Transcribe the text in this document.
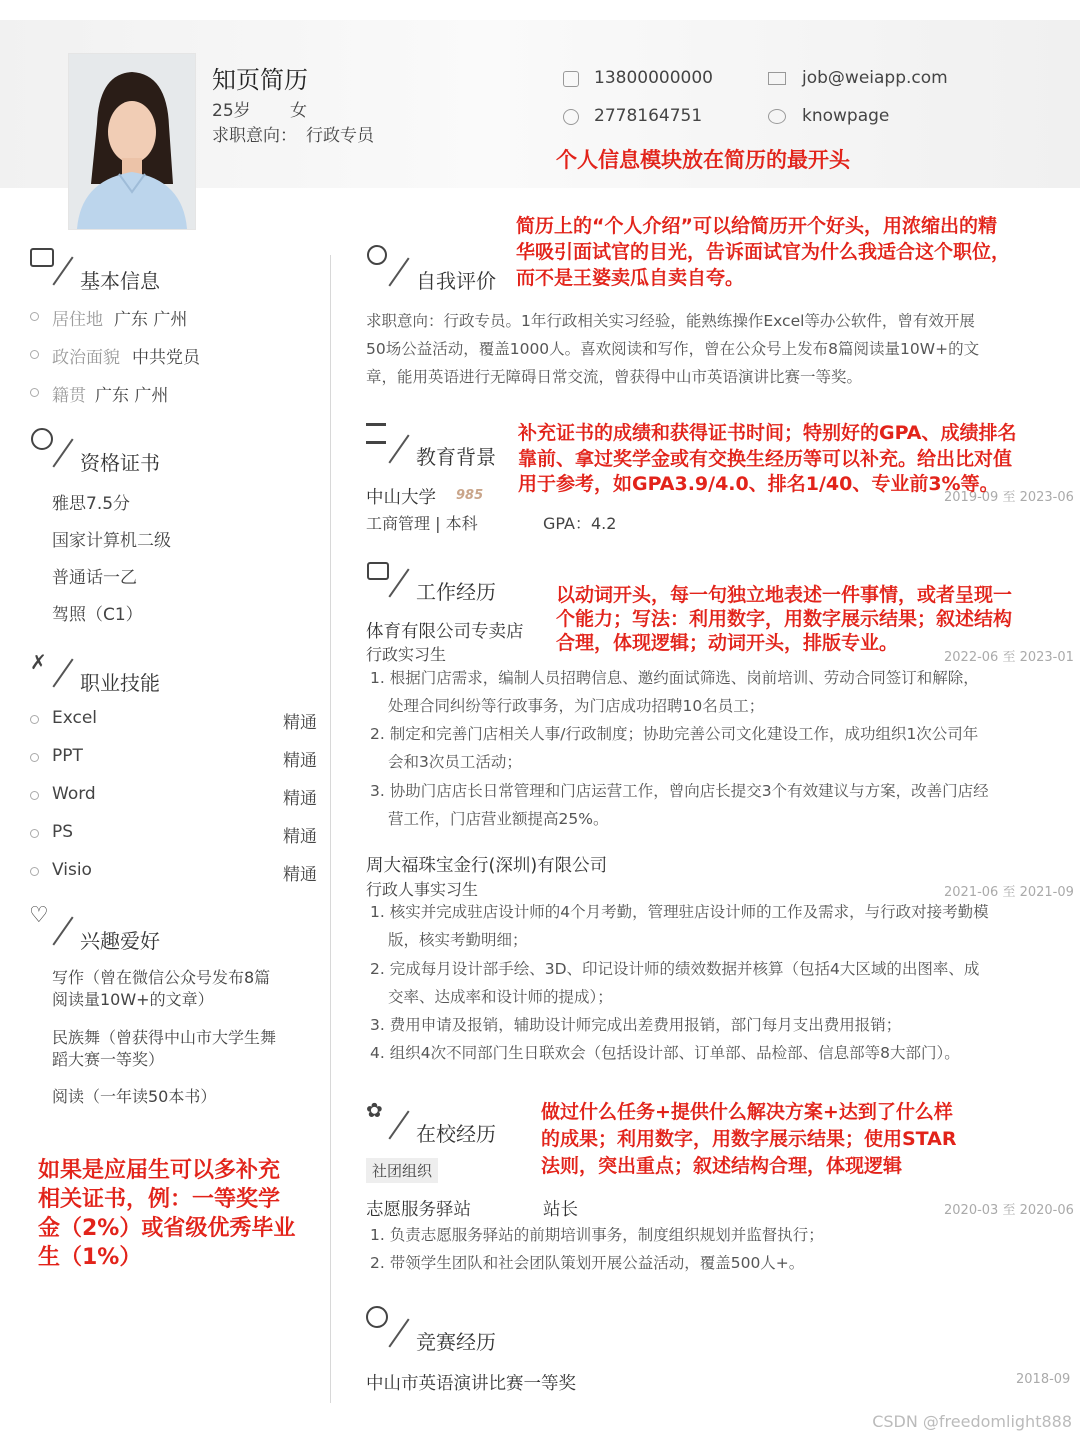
知页简历
25岁 女
求职意向： 行政专员
13800000000	job@weiapp.com
2778164751	knowpage
个人信息模块放在简历的最开头
基本信息
居住地 广东 广州
政治面貌 中共党员
籍贯 广东 广州
资格证书
雅思7.5分
国家计算机二级
普通话一乙
驾照（C1）
✗
职业技能
Excel	精通
PPT	精通
Word	精通
PS	精通
Visio	精通
♡
兴趣爱好
写作（曾在微信公众号发布8篇
阅读量10W+的文章）
民族舞（曾获得中山市大学生舞
蹈大赛一等奖）
阅读（一年读50本书）
如果是应届生可以多补充
相关证书，例：一等奖学
金（2%）或省级优秀毕业
生（1%）
自我评价
简历上的“个人介绍”可以给简历开个好头，用浓缩出的精
华吸引面试官的目光，告诉面试官为什么我适合这个职位，
而不是王婆卖瓜自卖自夸。
求职意向：行政专员。1年行政相关实习经验，能熟练操作Excel等办公软件，曾有效开展
50场公益活动，覆盖1000人。喜欢阅读和写作，曾在公众号上发布8篇阅读量10W+的文
章，能用英语进行无障碍日常交流，曾获得中山市英语演讲比赛一等奖。
教育背景
补充证书的成绩和获得证书时间；特别好的GPA、成绩排名
靠前、拿过奖学金或有交换生经历等可以补充。给出比对值
2019-09 至 2023-06
用于参考，如GPA3.9/4.0、排名1/40、专业前3%等。
中山大学 985
工商管理 | 本科	GPA：4.2
工作经历	以动词开头，每一句独立地表述一件事情，或者呈现一
个能力；写法：利用数字，用数字展示结果；叙述结构
合理，体现逻辑；动词开头，排版专业。
体育有限公司专卖店
行政实习生	2022-06 至 2023-01
1. 根据门店需求，编制人员招聘信息、邀约面试筛选、岗前培训、劳动合同签订和解除，
处理合同纠纷等行政事务，为门店成功招聘10名员工；
2. 制定和完善门店相关人事/行政制度；协助完善公司文化建设工作，成功组织1次公司年
会和3次员工活动；
3. 协助门店店长日常管理和门店运营工作，曾向店长提交3个有效建议与方案，改善门店经
营工作，门店营业额提高25%。
周大福珠宝金行(深圳)有限公司
行政人事实习生	2021-06 至 2021-09
1. 核实并完成驻店设计师的4个月考勤，管理驻店设计师的工作及需求，与行政对接考勤模
版，核实考勤明细；
2. 完成每月设计部手绘、3D、印记设计师的绩效数据并核算（包括4大区域的出图率、成
交率、达成率和设计师的提成）；
3. 费用申请及报销，辅助设计师完成出差费用报销，部门每月支出费用报销；
4. 组织4次不同部门生日联欢会（包括设计部、订单部、品检部、信息部等8大部门）。
✿
在校经历
做过什么任务+提供什么解决方案+达到了什么样
的成果；利用数字，用数字展示结果；使用STAR
法则，突出重点；叙述结构合理，体现逻辑
社团组织
志愿服务驿站	站长	2020-03 至 2020-06
1. 负责志愿服务驿站的前期培训事务，制度组织规划并监督执行；
2. 带领学生团队和社会团队策划开展公益活动，覆盖500人+。
竞赛经历
中山市英语演讲比赛一等奖	2018-09
CSDN @freedomlight888
